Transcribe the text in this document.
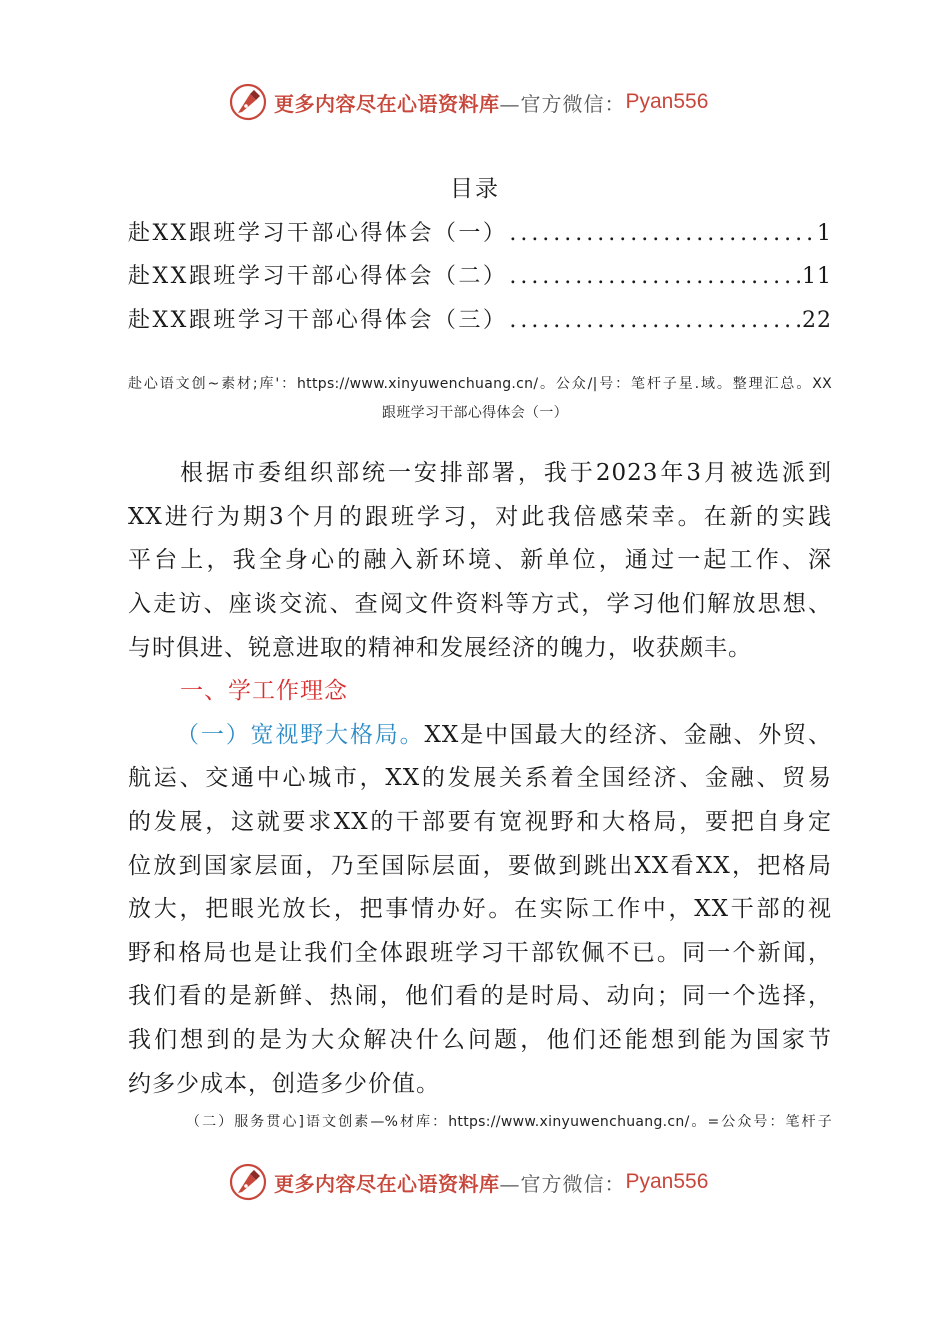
更多内容尽在心语资料库 —官方微信： Pyan556
目录
赴XX跟班学习干部心得体会（一） .....	1
赴XX跟班学习干部心得体会（二） .....	11
赴XX跟班学习干部心得体会（三） .....	22
赴心语文创~素材;库'：https://www.xinyuwenchuang.cn/。公众/|号：笔杆子星.域。整理汇总。XX
跟班学习干部心得体会（一）
根据市委组织部统一安排部署，我于2023年3月被选派到
XX进行为期3个月的跟班学习，对此我倍感荣幸。在新的实践
平台上，我全身心的融入新环境、新单位，通过一起工作、深
入走访、座谈交流、查阅文件资料等方式，学习他们解放思想、
与时俱进、锐意进取的精神和发展经济的魄力，收获颇丰。
一、学工作理念
（一）宽视野大格局。XX是中国最大的经济、金融、外贸、
航运、交通中心城市，XX的发展关系着全国经济、金融、贸易
的发展，这就要求XX的干部要有宽视野和大格局，要把自身定
位放到国家层面，乃至国际层面，要做到跳出XX看XX，把格局
放大，把眼光放长，把事情办好。在实际工作中，XX干部的视
野和格局也是让我们全体跟班学习干部钦佩不已。同一个新闻，
我们看的是新鲜、热闹，他们看的是时局、动向；同一个选择，
我们想到的是为大众解决什么问题，他们还能想到能为国家节
约多少成本，创造多少价值。
（二）服务贯心]语文创素—%材库：https://www.xinyuwenchuang.cn/。=公众号：笔杆子
更多内容尽在心语资料库 —官方微信： Pyan556
